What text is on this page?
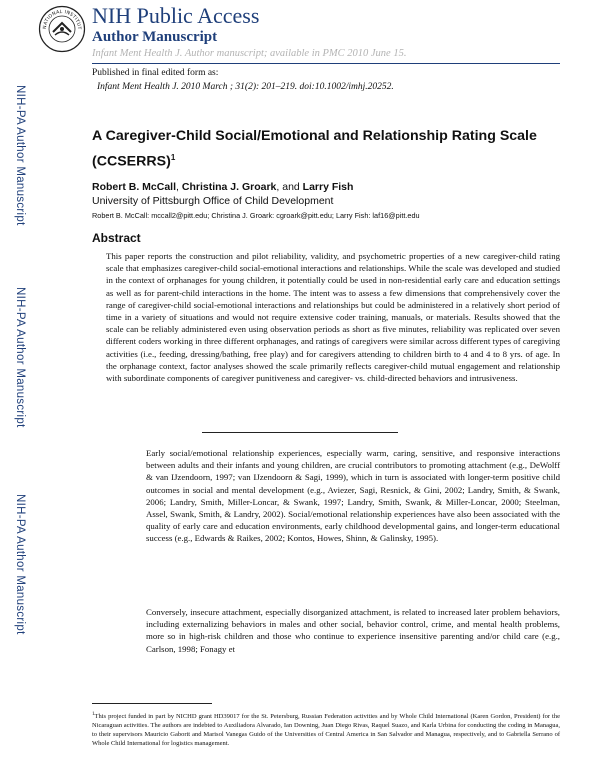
NATIONAL INSTITUT
NIH Public Access
Author Manuscript
Infant Ment Health J. Author manuscript; available in PMC 2010 June 15.
Published in final edited form as:
Infant Ment Health J. 2010 March ; 31(2): 201–219. doi:10.1002/imhj.20252.
NIH-PA Author Manuscript
NIH-PA Author Manuscript
NIH-PA Author Manuscript
A Caregiver-Child Social/Emotional and Relationship Rating Scale
(CCSERRS)$^1$
Robert B. McCall, Christina J. Groark, and Larry Fish
University of Pittsburgh Office of Child Development
Robert B. McCall: mccall2@pitt.edu; Christina J. Groark: cgroark@pitt.edu; Larry Fish: laf16@pitt.edu
Abstract
This paper reports the construction and pilot reliability, validity, and psychometric properties of a new caregiver-child rating scale that emphasizes caregiver-child social-emotional interactions and relationships. While the scale was developed and studied in the context of orphanages for young children, it potentially could be used in non-residential early care and education settings as well as for parent-child interactions in the home. The intent was to assess a few dimensions that comprehensively cover the range of caregiver-child social-emotional interactions and relationships but could be administered in a relatively short period of time in a variety of situations and would not require extensive coder training, manuals, or materials. Results showed that the scale can be reliably administered even using observation periods as short as five minutes, reliability was replicated over seven different coders working in three different orphanages, and ratings of caregivers were similar across different types of caregiving activities (i.e., feeding, dressing/bathing, free play) and for caregivers attending to children birth to 4 and 4 to 8 yrs. of age. In the orphanage context, factor analyses showed the scale primarily reflects caregiver-child mutual engagement and relationship with subordinate components of caregiver punitiveness and caregiver- vs. child-directed behaviors and intrusiveness.
Early social/emotional relationship experiences, especially warm, caring, sensitive, and responsive interactions between adults and their infants and young children, are crucial contributors to promoting attachment (e.g., DeWolff & van IJzendoorn, 1997; van IJzendoorn & Sagi, 1999), which in turn is associated with longer-term positive child outcomes in social and mental development (e.g., Aviezer, Sagi, Resnick, & Gini, 2002; Landry, Smith, & Swank, 2006; Landry, Smith, Miller-Loncar, & Swank, 1997; Landry, Smith, Swank, & Miller-Loncar, 2000; Steelman, Assel, Swank, Smith, & Landry, 2002). Social/emotional relationship experiences have also been associated with the quality of early care and education environments, early childhood developmental gains, and longer-term educational success (e.g., Edwards & Raikes, 2002; Kontos, Howes, Shinn, & Galinsky, 1995).
Conversely, insecure attachment, especially disorganized attachment, is related to increased later problem behaviors, including externalizing behaviors in males and other social, behavior control, crime, and mental health problems, more so in high-risk children and those who continue to experience insensitive parenting and/or child care (e.g., Carlson, 1998; Fonagy et
$^1$This project funded in part by NICHD grant HD39017 for the St. Petersburg, Russian Federation activities and by Whole Child International (Karen Gordon, President) for the Nicaraguan activities. The authors are indebted to Auxiliadora Alvarado, Ian Downing, Juan Diego Rivas, Raquel Suazo, and Karla Urbina for conducting the coding in Managua, to their supervisors Mauricio Gaborit and Marisol Vanegas Guido of the Universities of Central America in San Salvador and Managua, respectively, and to Gabriella Serrano of Whole Child International for logistics management.
